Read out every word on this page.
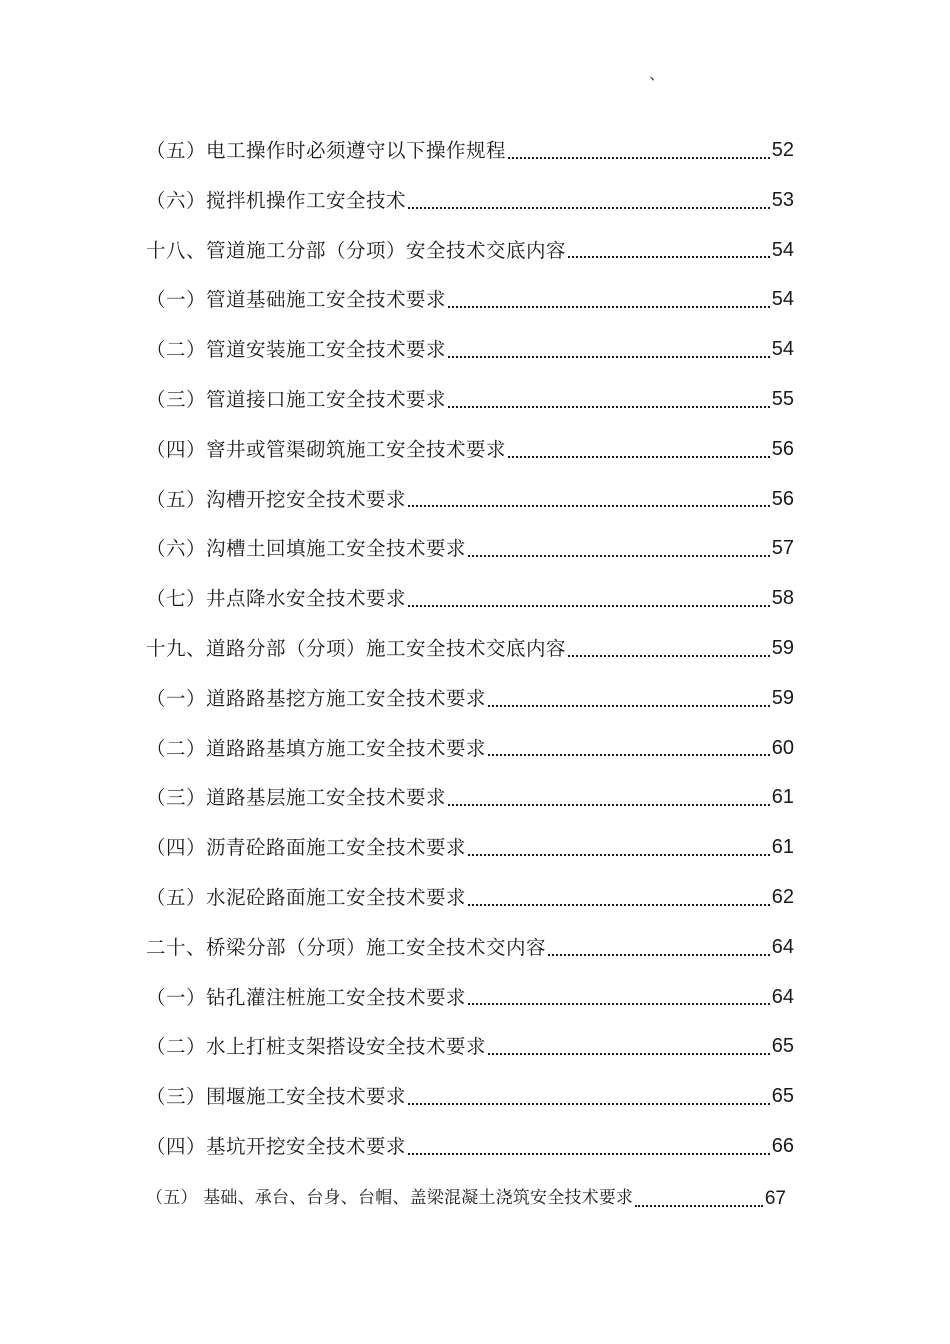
、
（五）电工操作时必须遵守以下操作规程	52
（六）搅拌机操作工安全技术	53
十八、管道施工分部（分项）安全技术交底内容	54
（一）管道基础施工安全技术要求	54
（二）管道安装施工安全技术要求	54
（三）管道接口施工安全技术要求	55
（四）窨井或管渠砌筑施工安全技术要求	56
（五）沟槽开挖安全技术要求	56
（六）沟槽土回填施工安全技术要求	57
（七）井点降水安全技术要求	58
十九、道路分部（分项）施工安全技术交底内容	59
（一）道路路基挖方施工安全技术要求	59
（二）道路路基填方施工安全技术要求	60
（三）道路基层施工安全技术要求	61
（四）沥青砼路面施工安全技术要求	61
（五）水泥砼路面施工安全技术要求	62
二十、桥梁分部（分项）施工安全技术交内容	64
（一）钻孔灌注桩施工安全技术要求	64
（二）水上打桩支架搭设安全技术要求	65
（三）围堰施工安全技术要求	65
（四）基坑开挖安全技术要求	66
（五） 基础、承台、台身、台帽、盖梁混凝土浇筑安全技术要求	67
